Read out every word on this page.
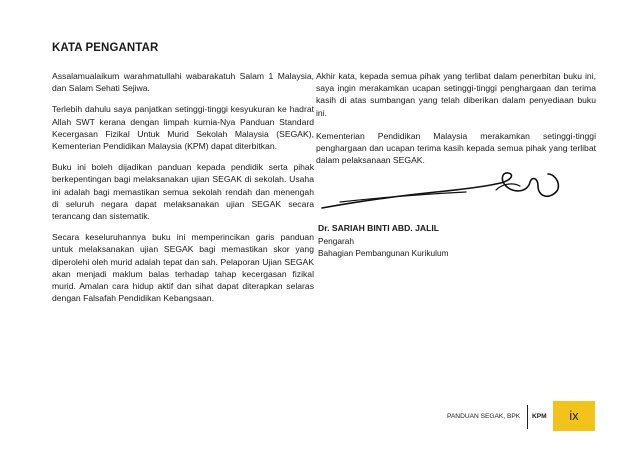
KATA PENGANTAR

Assalamualaikum warahmatullahi wabarakatuh Salam 1 Malaysia, dan Salam Sehati Sejiwa.

Terlebih dahulu saya panjatkan setinggi-tinggi kesyukuran ke hadrat Allah SWT kerana dengan limpah kurnia-Nya Panduan Standard Kecergasan Fizikal Untuk Murid Sekolah Malaysia (SEGAK), Kementerian Pendidikan Malaysia (KPM) dapat diterbitkan.

Buku ini boleh dijadikan panduan kepada pendidik serta pihak berkepentingan bagi melaksanakan ujian SEGAK di sekolah. Usaha ini adalah bagi memastikan semua sekolah rendah dan menengah di seluruh negara dapat melaksanakan ujian SEGAK secara terancang dan sistematik.

Secara keseluruhannya buku ini memperincikan garis panduan untuk melaksanakan ujian SEGAK bagi memastikan skor yang diperolehi oleh murid adalah tepat dan sah. Pelaporan Ujian SEGAK akan menjadi maklum balas terhadap tahap kecergasan fizikal murid. Amalan cara hidup aktif dan sihat dapat diterapkan selaras dengan Falsafah Pendidikan Kebangsaan.

Akhir kata, kepada semua pihak yang terlibat dalam penerbitan buku ini, saya ingin merakamkan ucapan setinggi-tinggi penghargaan dan terima kasih di atas sumbangan yang telah diberikan dalam penyediaan buku ini.

Kementerian Pendidikan Malaysia merakamkan setinggi-tinggi penghargaan dan ucapan terima kasih kepada semua pihak yang terlibat dalam pelaksanaan SEGAK.

Dr. SARIAH BINTI ABD. JALIL
Pengarah
Bahagian Pembangunan Kurikulum
PANDUAN SEGAK, BPK KPM	ix
